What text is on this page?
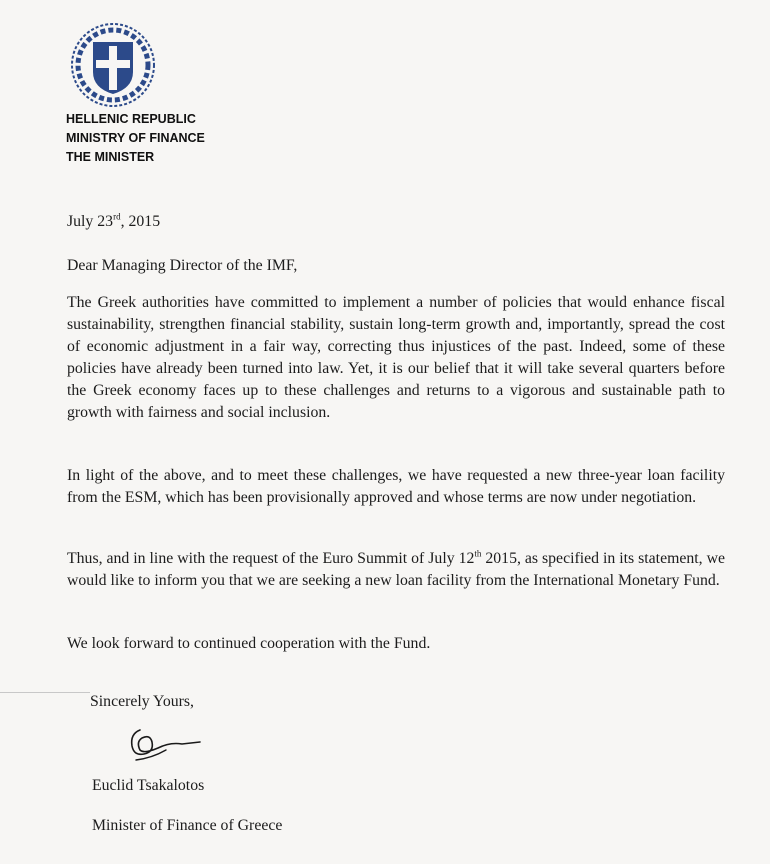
HELLENIC REPUBLIC
MINISTRY OF FINANCE
THE MINISTER
July 23rd, 2015
Dear Managing Director of the IMF,

The Greek authorities have committed to implement a number of policies that would enhance fiscal sustainability, strengthen financial stability, sustain long-term growth and, importantly, spread the cost of economic adjustment in a fair way, correcting thus injustices of the past. Indeed, some of these policies have already been turned into law. Yet, it is our belief that it will take several quarters before the Greek economy faces up to these challenges and returns to a vigorous and sustainable path to growth with fairness and social inclusion.

In light of the above, and to meet these challenges, we have requested a new three-year loan facility from the ESM, which has been provisionally approved and whose terms are now under negotiation.

Thus, and in line with the request of the Euro Summit of July 12th 2015, as specified in its statement, we would like to inform you that we are seeking a new loan facility from the International Monetary Fund.

We look forward to continued cooperation with the Fund.

Sincerely Yours,
Euclid Tsakalotos
Minister of Finance of Greece
